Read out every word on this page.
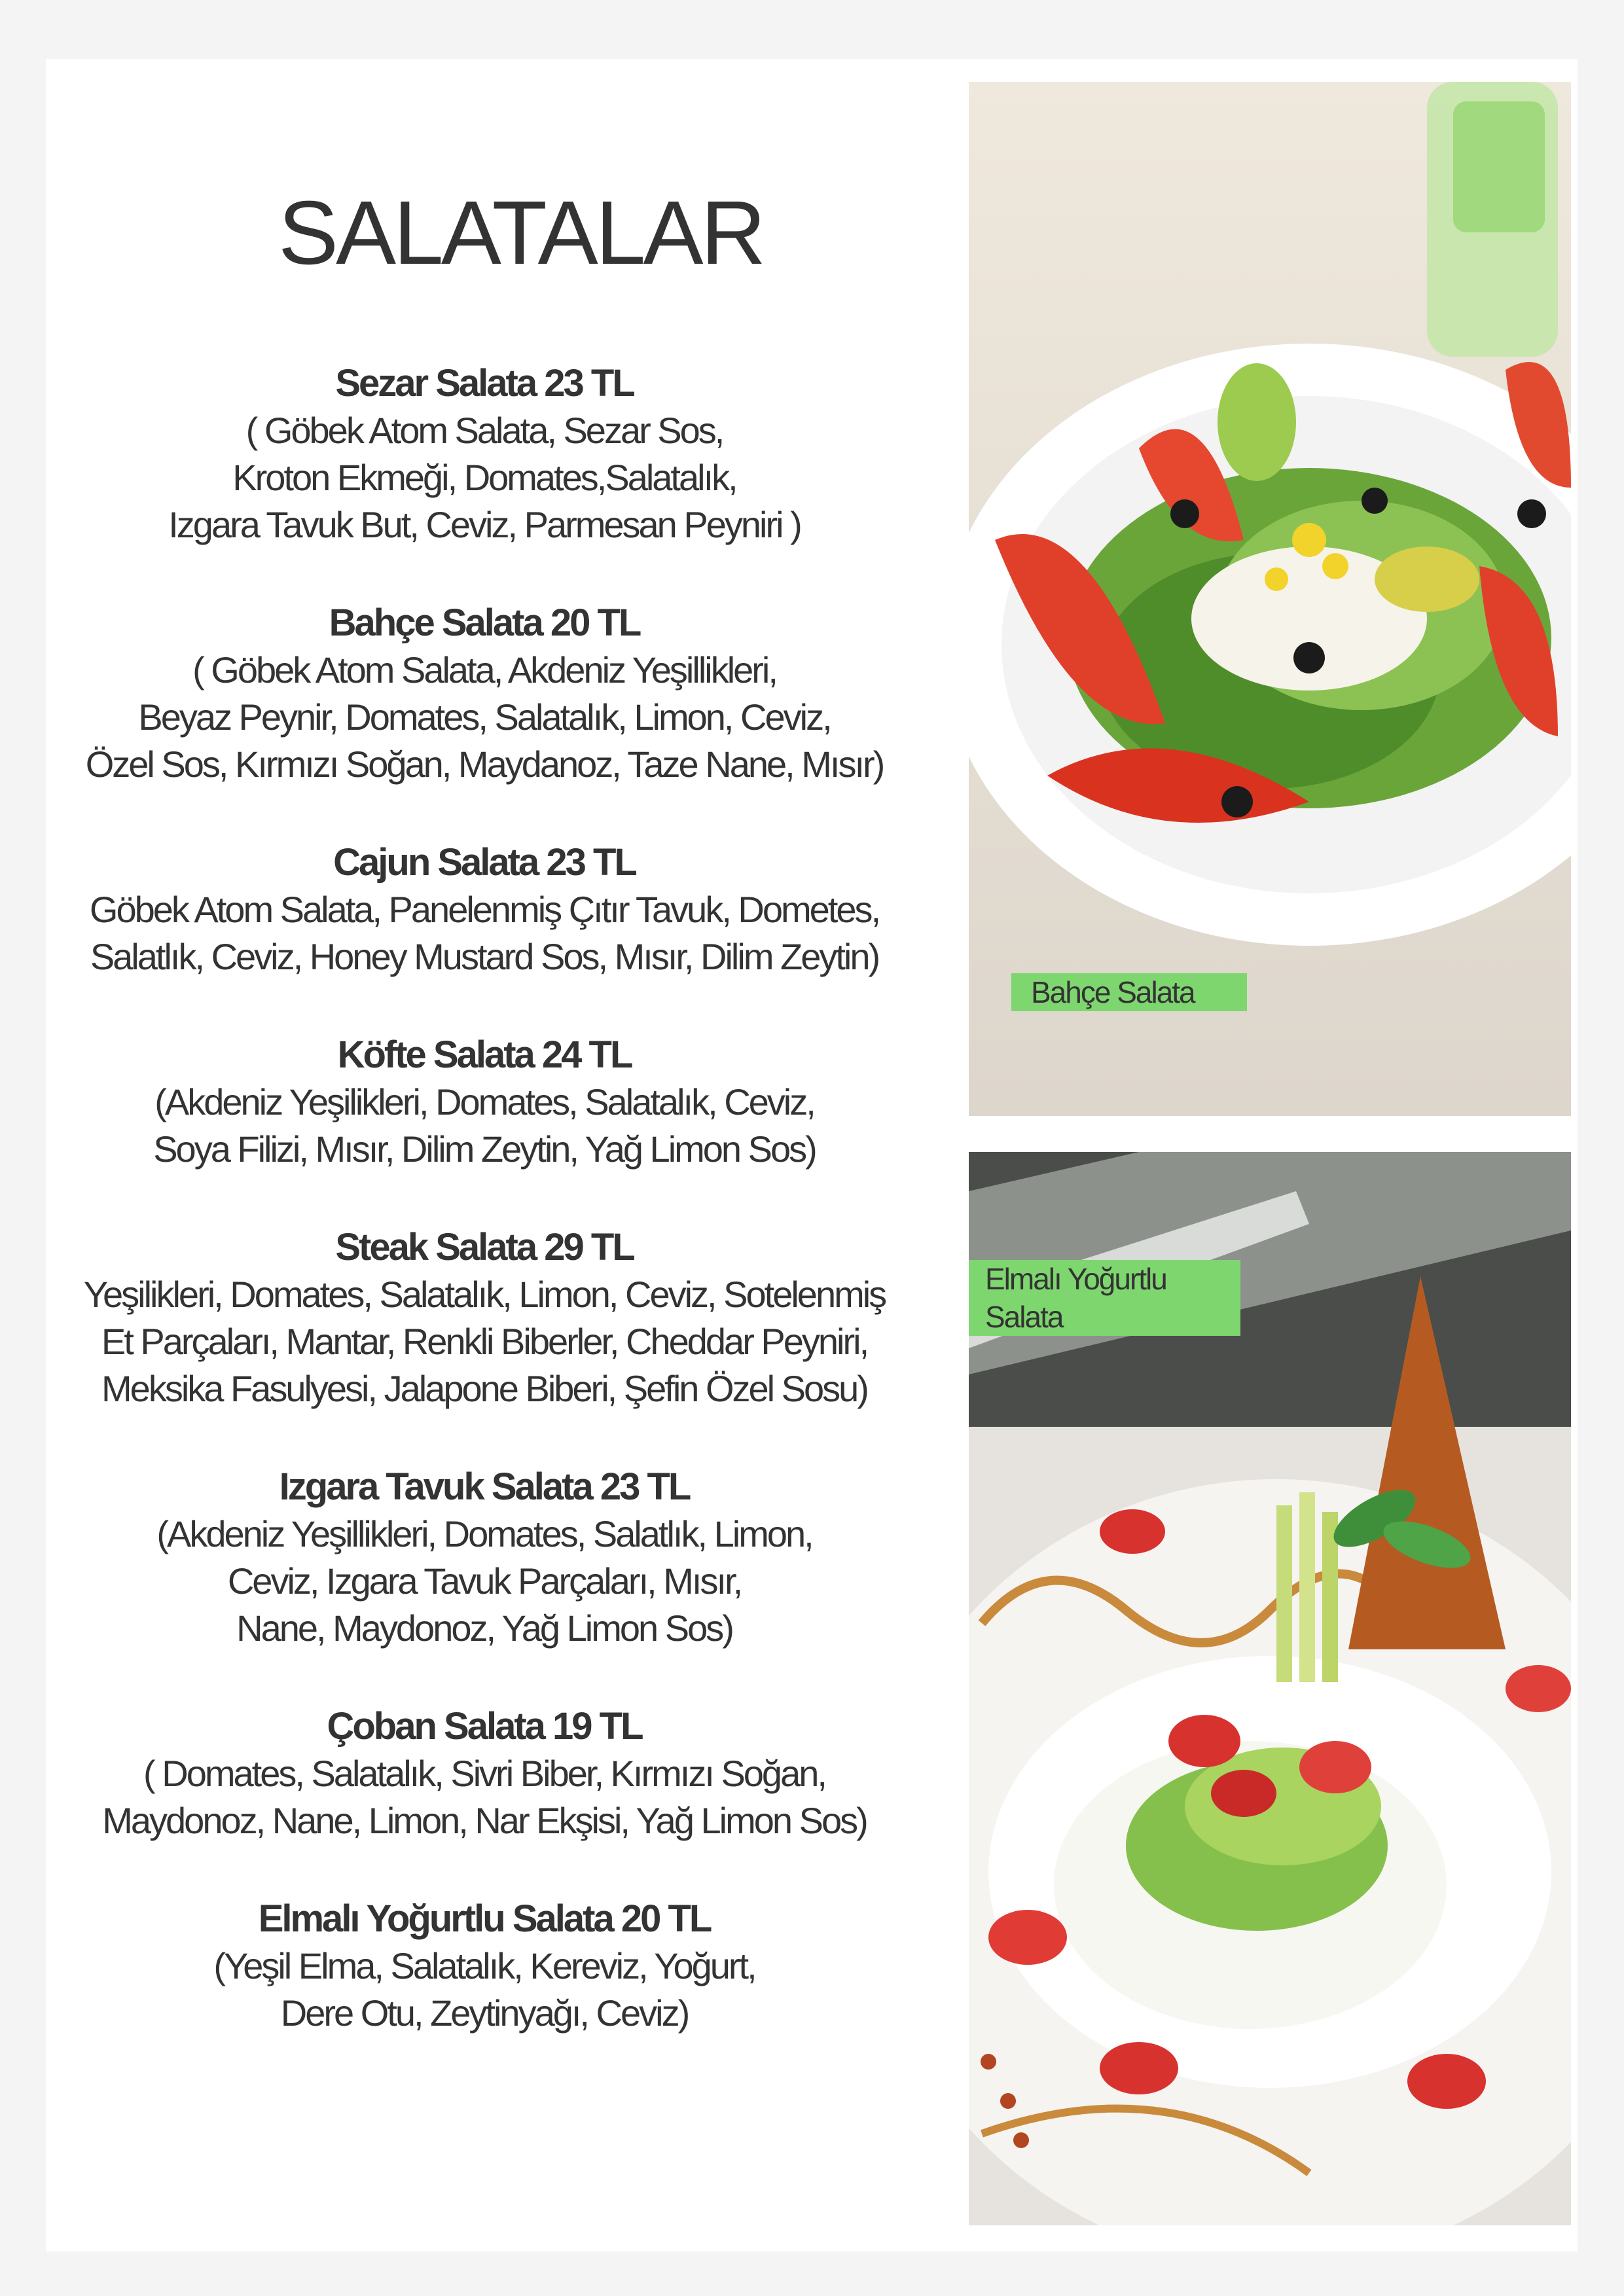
SALATALAR
Sezar Salata 23 TL
( Göbek Atom Salata, Sezar Sos,
Kroton Ekmeği, Domates,Salatalık,
Izgara Tavuk But, Ceviz, Parmesan Peyniri )
Bahçe Salata 20 TL
( Göbek Atom Salata, Akdeniz Yeşillikleri,
Beyaz Peynir, Domates, Salatalık, Limon, Ceviz,
Özel Sos, Kırmızı Soğan, Maydanoz, Taze Nane, Mısır)
Cajun Salata 23 TL
Göbek Atom Salata, Panelenmiş Çıtır Tavuk, Dometes,
Salatlık, Ceviz, Honey Mustard Sos, Mısır, Dilim Zeytin)
Köfte Salata 24 TL
(Akdeniz Yeşilikleri, Domates, Salatalık, Ceviz,
Soya Filizi, Mısır, Dilim Zeytin, Yağ Limon Sos)
Steak Salata 29 TL
Yeşilikleri, Domates, Salatalık, Limon, Ceviz, Sotelenmiş
Et Parçaları, Mantar, Renkli Biberler, Cheddar Peyniri,
Meksika Fasulyesi, Jalapone Biberi, Şefin Özel Sosu)
Izgara Tavuk Salata 23 TL
(Akdeniz Yeşillikleri, Domates, Salatlık, Limon,
Ceviz, Izgara Tavuk Parçaları, Mısır,
Nane, Maydonoz, Yağ Limon Sos)
Çoban Salata 19 TL
( Domates, Salatalık, Sivri Biber, Kırmızı Soğan,
Maydonoz, Nane, Limon, Nar Ekşisi, Yağ Limon Sos)
Elmalı Yoğurtlu Salata 20 TL
(Yeşil Elma, Salatalık, Kereviz, Yoğurt,
Dere Otu, Zeytinyağı, Ceviz)
Bahçe Salata
Elmalı Yoğurtlu Salata
